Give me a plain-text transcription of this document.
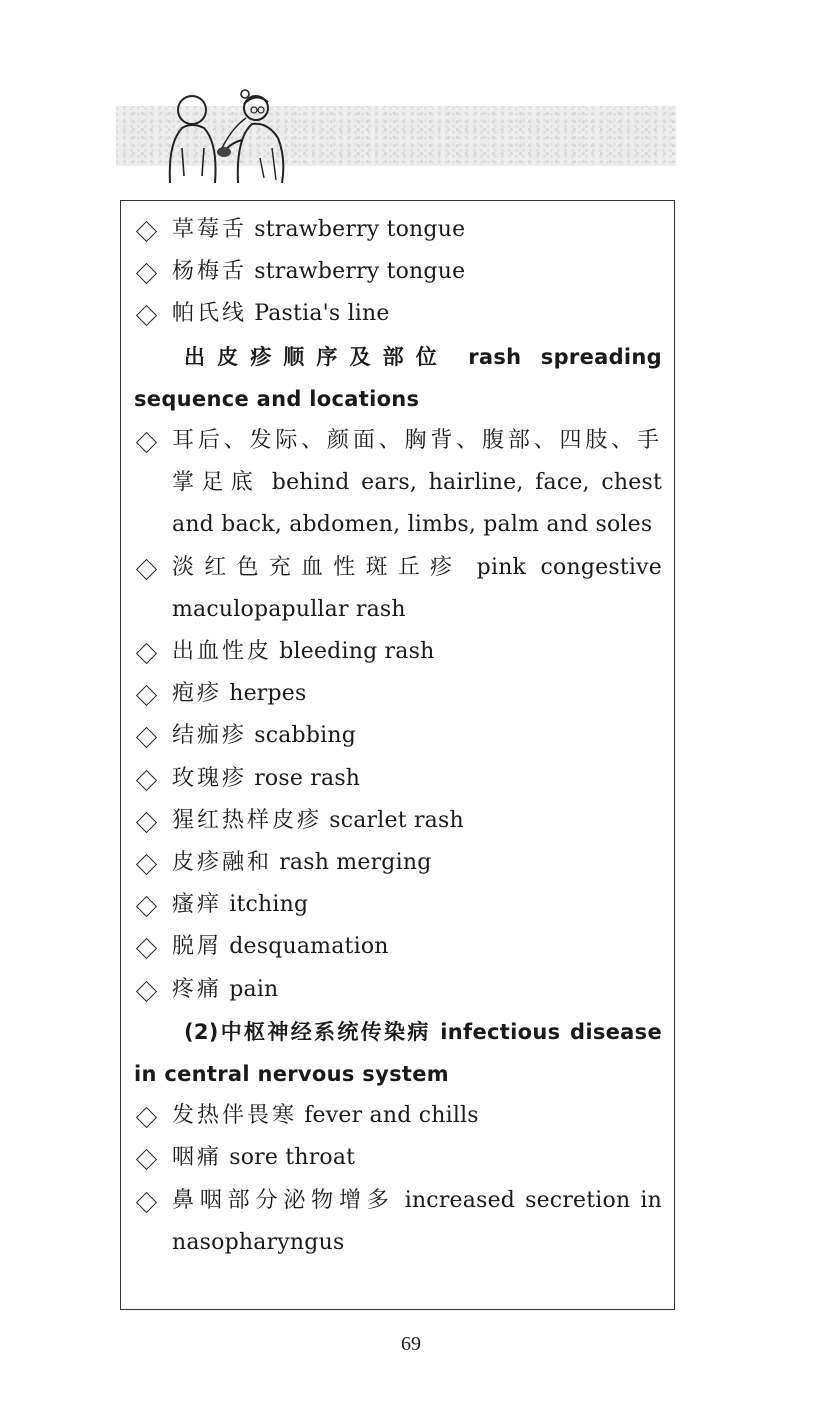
草莓舌 strawberry tongue
杨梅舌 strawberry tongue
帕氏线 Pastia's line
出皮疹顺序及部位 rash spreading sequence and locations
耳后、发际、颜面、胸背、腹部、四肢、手掌足底 behind ears, hairline, face, chest and back, abdomen, limbs, palm and soles
淡红色充血性斑丘疹 pink congestive maculopapullar rash
出血性皮 bleeding rash
疱疹 herpes
结痂疹 scabbing
玫瑰疹 rose rash
猩红热样皮疹 scarlet rash
皮疹融和 rash merging
瘙痒 itching
脱屑 desquamation
疼痛 pain
(2)中枢神经系统传染病 infectious disease in central nervous system
发热伴畏寒 fever and chills
咽痛 sore throat
鼻咽部分泌物增多 increased secretion in nasopharyngus
69
